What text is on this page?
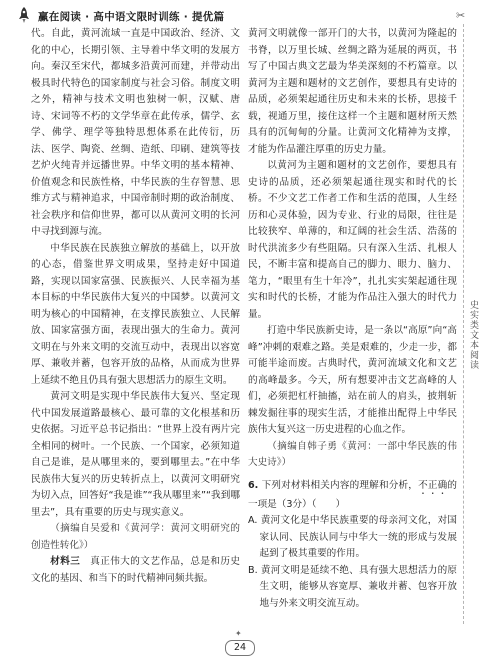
赢在阅读 · 高中语文限时训练 · 提优篇	✂

代。自此，黄河流域一直是中国政治、经济、文化的中心，长期引领、主导着中华文明的发展方向。秦汉至宋代，都城多沿黄河而建，并带动出极具时代特色的国家制度与社会习俗。制度文明之外，精神与技术文明也独树一帜，汉赋、唐诗、宋词等不朽的文学华章在此传承，儒学、玄学、佛学、理学等独特思想体系在此传衍，历法、医学、陶瓷、丝绸、造纸、印刷、建筑等技艺炉火纯青并远播世界。中华文明的基本精神、价值观念和民族性格，中华民族的生存智慧、思维方式与精神追求，中国帝制时期的政治制度、社会秩序和信仰世界，都可以从黄河文明的长河中寻找到源与流。

中华民族在民族独立解放的基础上，以开放的心态，借鉴世界文明成果，坚持走好中国道路，实现以国家富强、民族振兴、人民幸福为基本目标的中华民族伟大复兴的中国梦。以黄河文明为核心的中国精神，在支撑民族独立、人民解放、国家富强方面，表现出强大的生命力。黄河文明在与外来文明的交流互动中，表现出以容宽厚、兼收并蓄，包容开放的品格，从而成为世界上延续不绝且仍具有强大思想活力的原生文明。

黄河文明是实现中华民族伟大复兴、坚定现代中国发展道路最核心、最可靠的文化根基和历史依据。习近平总书记指出：“世界上没有两片完全相同的树叶。一个民族、一个国家，必须知道自己是谁，是从哪里来的，要到哪里去。”在中华民族伟大复兴的历史转折点上，以黄河文明研究为切入点，回答好“我是谁”“我从哪里来”“我到哪里去”，具有重要的历史与现实意义。

（摘编自吴爱和《黄河学：黄河文明研究的创造性转化》）

材料三　 真正伟大的文艺作品，总是和历史文化的基因、和当下的时代精神同频共振。

黄河文明就像一部开门的大书，以黄河为隆起的书脊，以万里长城、丝绸之路为延展的两页，书写了中国古典文艺最为华美深刻的不朽篇章。以黄河为主题和题材的文艺创作，要想具有史诗的品质，必须架起通往历史和未来的长桥，思接千载，视通万里，接住这样一个主题和题材所天然具有的沉甸甸的分量。让黄河文化精神为支撑，才能为作品灌注厚重的历史力量。

以黄河为主题和题材的文艺创作，要想具有史诗的品质，还必须架起通往现实和时代的长桥。不少文艺工作者工作和生活的范围，人生经历和心灵体验，因为专业、行业的局限，往往是比较狭窄、单薄的，和辽阔的社会生活、浩荡的时代洪流多少有些阻隔。只有深入生活、扎根人民，不断丰富和提高自己的脚力、眼力、脑力、笔力，“眼里有生十年冷”，扎扎实实架起通往现实和时代的长桥，才能为作品注入强大的时代力量。

打造中华民族新史诗，是一条以“高原”向“高峰”冲刺的艰难之路。美是艰难的，少走一步，都可能半途而废。古典时代，黄河流域文化和文艺的高峰最多。今天，所有想要冲击文艺高峰的人们，必须把杠杆抽搐，站在前人的肩头，披荆斩棘发掘往事的现实生活，才能推出配得上中华民族伟大复兴这一历史进程的心血之作。

（摘编自韩子勇《黄河：一部中华民族的伟大史诗》）

6. 下列对材料相关内容的理解和分析，不正确的一项是（3分）（　　）

A. 黄河文化是中华民族重要的母亲河文化，对国家认同、民族认同与中华大一统的形成与发展起到了极其重要的作用。

B. 黄河文明是延续不绝、具有强大思想活力的原生文明，能够从容宽厚、兼收并蓄、包容开放地与外来文明交流互动。

史实类文本阅读
✦
24
